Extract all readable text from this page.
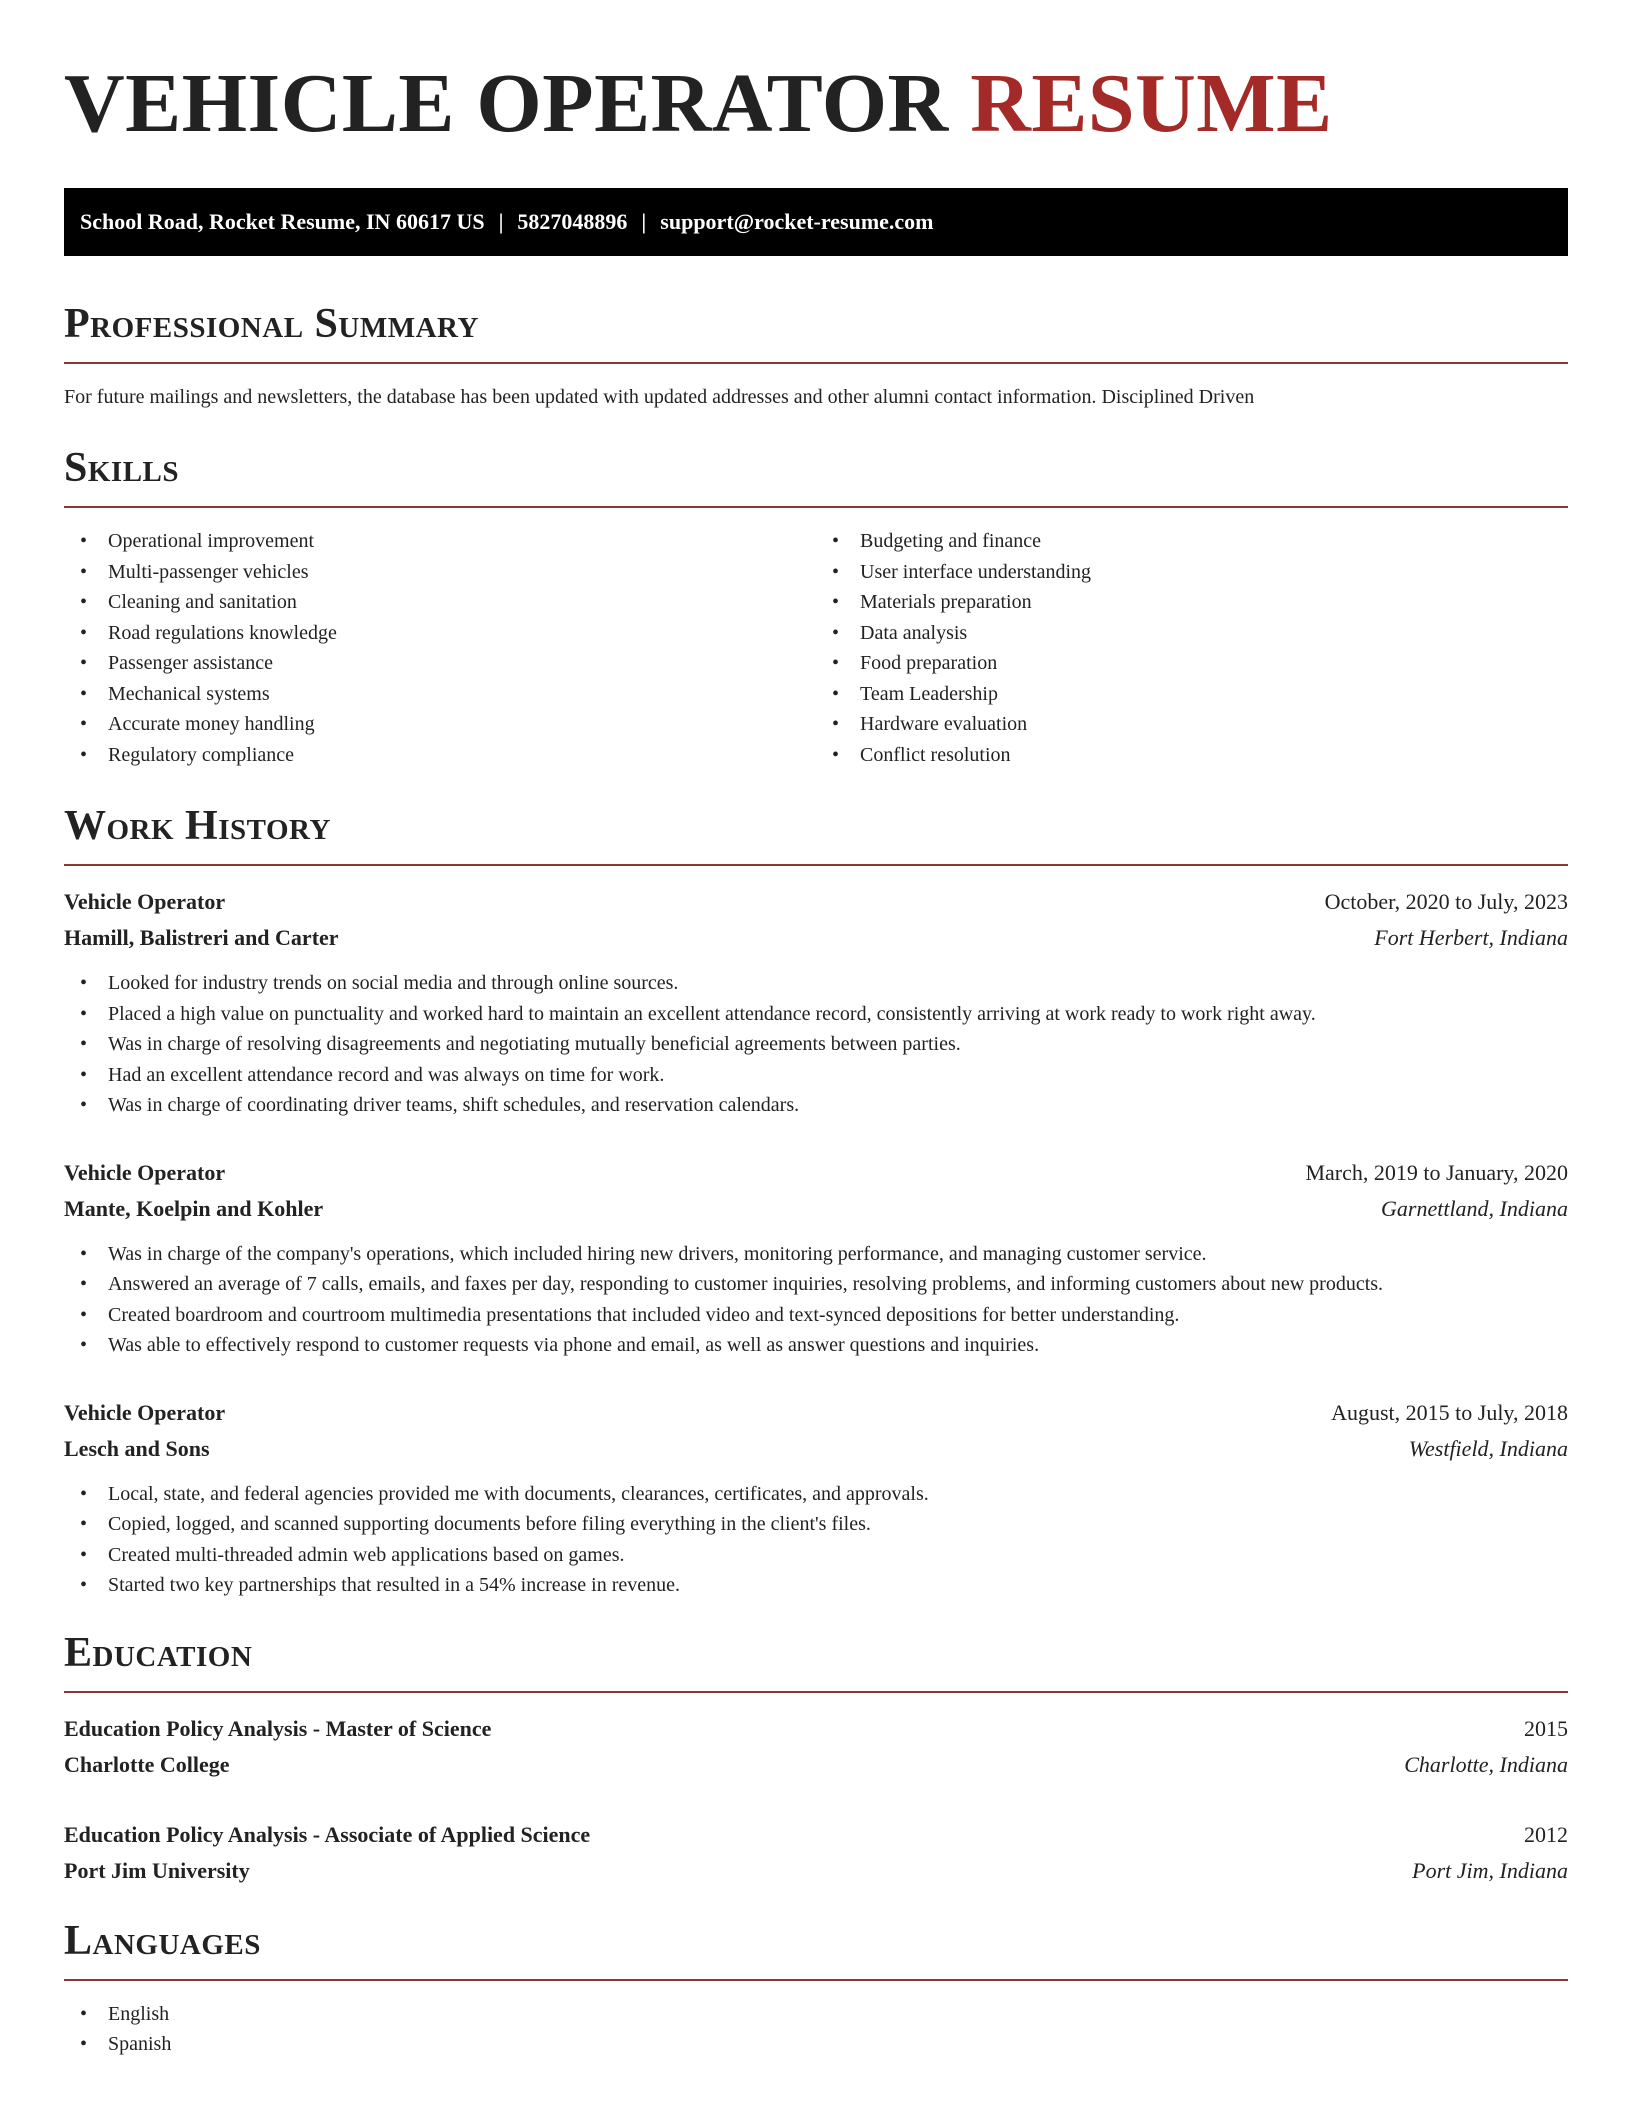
VEHICLE OPERATOR RESUME
School Road, Rocket Resume, IN 60617 US | 5827048896 | support@rocket-resume.com
Professional Summary

For future mailings and newsletters, the database has been updated with updated addresses and other alumni contact information. Disciplined Driven

Skills
• Operational improvement
• Multi-passenger vehicles
• Cleaning and sanitation
• Road regulations knowledge
• Passenger assistance
• Mechanical systems
• Accurate money handling
• Regulatory compliance
• Budgeting and finance
• User interface understanding
• Materials preparation
• Data analysis
• Food preparation
• Team Leadership
• Hardware evaluation
• Conflict resolution
Work History
Vehicle Operator	October, 2020 to July, 2023
Hamill, Balistreri and Carter	Fort Herbert, Indiana
• Looked for industry trends on social media and through online sources.
• Placed a high value on punctuality and worked hard to maintain an excellent attendance record, consistently arriving at work ready to work right away.
• Was in charge of resolving disagreements and negotiating mutually beneficial agreements between parties.
• Had an excellent attendance record and was always on time for work.
• Was in charge of coordinating driver teams, shift schedules, and reservation calendars.
Vehicle Operator	March, 2019 to January, 2020
Mante, Koelpin and Kohler	Garnettland, Indiana
• Was in charge of the company's operations, which included hiring new drivers, monitoring performance, and managing customer service.
• Answered an average of 7 calls, emails, and faxes per day, responding to customer inquiries, resolving problems, and informing customers about new products.
• Created boardroom and courtroom multimedia presentations that included video and text-synced depositions for better understanding.
• Was able to effectively respond to customer requests via phone and email, as well as answer questions and inquiries.
Vehicle Operator	August, 2015 to July, 2018
Lesch and Sons	Westfield, Indiana
• Local, state, and federal agencies provided me with documents, clearances, certificates, and approvals.
• Copied, logged, and scanned supporting documents before filing everything in the client's files.
• Created multi-threaded admin web applications based on games.
• Started two key partnerships that resulted in a 54% increase in revenue.
Education
Education Policy Analysis - Master of Science	2015
Charlotte College	Charlotte, Indiana
Education Policy Analysis - Associate of Applied Science	2012
Port Jim University	Port Jim, Indiana
Languages
• English
• Spanish
